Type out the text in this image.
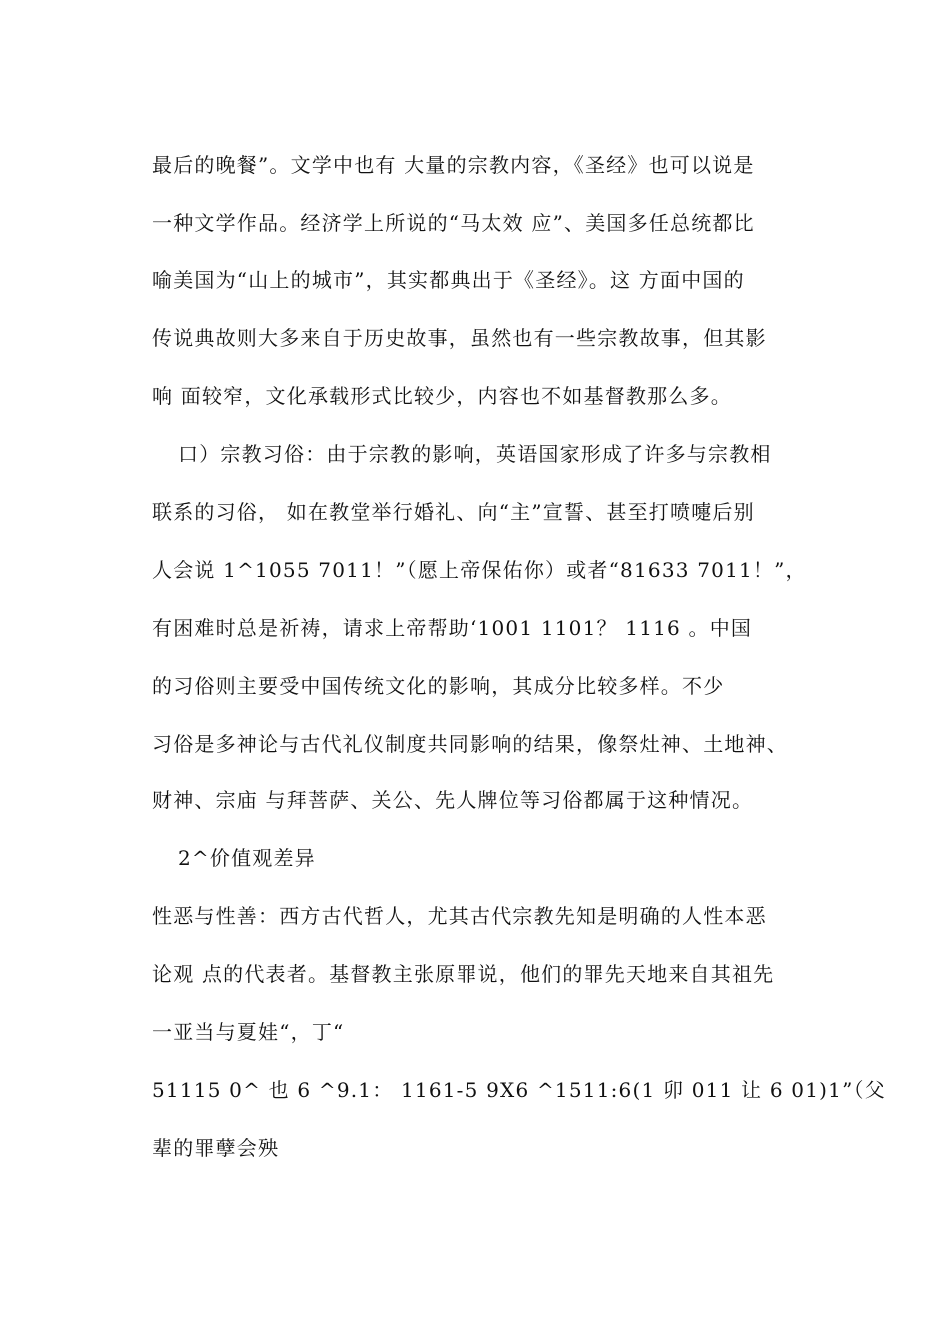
最后的晚餐”。文学中也有 大量的宗教内容，《圣经》也可以说是
一种文学作品。经济学上所说的“马太效 应”、美国多任总统都比
喻美国为“山上的城市”，其实都典出于《圣经》。这 方面中国的
传说典故则大多来自于历史故事，虽然也有一些宗教故事，但其影
响 面较窄，文化承载形式比较少，内容也不如基督教那么多。
口）宗教习俗：由于宗教的影响，英语国家形成了许多与宗教相
联系的习俗， 如在教堂举行婚礼、向“主”宣誓、甚至打喷嚏后别
人会说 1^1055 7011！”（愿上帝保佑你）或者“81633 7011！”，
有困难时总是祈祷，请求上帝帮助‘1001 1101？ 1116 。中国
的习俗则主要受中国传统文化的影响，其成分比较多样。不少
习俗是多神论与古代礼仪制度共同影响的结果，像祭灶神、土地神、
财神、宗庙 与拜菩萨、关公、先人牌位等习俗都属于这种情况。
2^价值观差异
性恶与性善：西方古代哲人，尤其古代宗教先知是明确的人性本恶
论观 点的代表者。基督教主张原罪说，他们的罪先天地来自其祖先
一亚当与夏娃“，丁“
51115 0^ 也 6 ^9.1： 1161-5 9X6 ^1511:6(1 卯 011 让 6 01)1”（父
辈的罪孽会殃
